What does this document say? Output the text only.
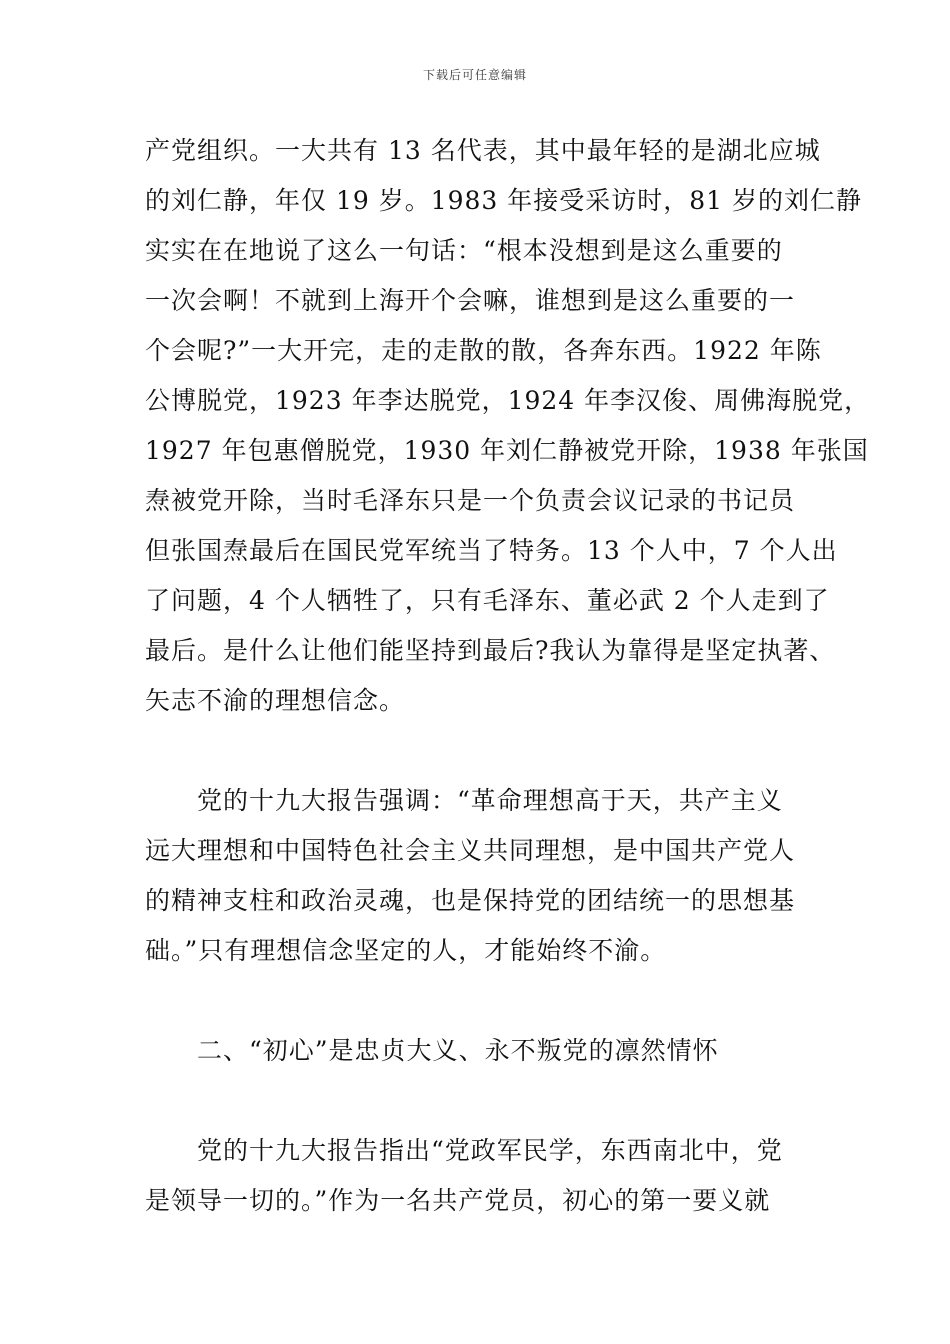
下载后可任意编辑
产党组织。一大共有 13 名代表，其中最年轻的是湖北应城
的刘仁静，年仅 19 岁。1983 年接受采访时，81 岁的刘仁静
实实在在地说了这么一句话：“根本没想到是这么重要的
一次会啊！不就到上海开个会嘛，谁想到是这么重要的一
个会呢?”一大开完，走的走散的散，各奔东西。1922 年陈
公博脱党，1923 年李达脱党，1924 年李汉俊、周佛海脱党，
1927 年包惠僧脱党，1930 年刘仁静被党开除，1938 年张国
焘被党开除，当时毛泽东只是一个负责会议记录的书记员
但张国焘最后在国民党军统当了特务。13 个人中，7 个人出
了问题，4 个人牺牲了，只有毛泽东、董必武 2 个人走到了
最后。是什么让他们能坚持到最后?我认为靠得是坚定执著、
矢志不渝的理想信念。
　　党的十九大报告强调：“革命理想高于天，共产主义
远大理想和中国特色社会主义共同理想，是中国共产党人
的精神支柱和政治灵魂，也是保持党的团结统一的思想基
础。”只有理想信念坚定的人，才能始终不渝。
　　二、“初心”是忠贞大义、永不叛党的凛然情怀
　　党的十九大报告指出“党政军民学，东西南北中，党
是领导一切的。”作为一名共产党员，初心的第一要义就
